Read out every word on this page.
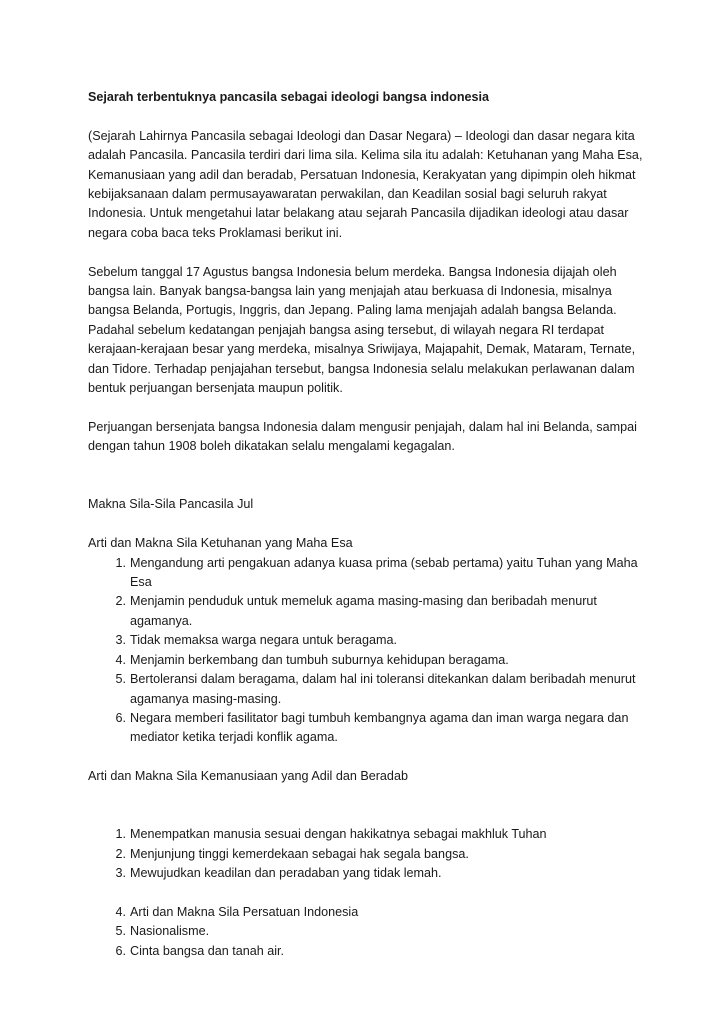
Sejarah terbentuknya pancasila sebagai ideologi bangsa indonesia

(Sejarah Lahirnya Pancasila sebagai Ideologi dan Dasar Negara) – Ideologi dan dasar negara kita adalah Pancasila. Pancasila terdiri dari lima sila. Kelima sila itu adalah: Ketuhanan yang Maha Esa, Kemanusiaan yang adil dan beradab, Persatuan Indonesia, Kerakyatan yang dipimpin oleh hikmat kebijaksanaan dalam permusayawaratan perwakilan, dan Keadilan sosial bagi seluruh rakyat Indonesia. Untuk mengetahui latar belakang atau sejarah Pancasila dijadikan ideologi atau dasar negara coba baca teks Proklamasi berikut ini.

Sebelum tanggal 17 Agustus bangsa Indonesia belum merdeka. Bangsa Indonesia dijajah oleh bangsa lain. Banyak bangsa-bangsa lain yang menjajah atau berkuasa di Indonesia, misalnya bangsa Belanda, Portugis, Inggris, dan Jepang. Paling lama menjajah adalah bangsa Belanda. Padahal sebelum kedatangan penjajah bangsa asing tersebut, di wilayah negara RI terdapat kerajaan-kerajaan besar yang merdeka, misalnya Sriwijaya, Majapahit, Demak, Mataram, Ternate, dan Tidore. Terhadap penjajahan tersebut, bangsa Indonesia selalu melakukan perlawanan dalam bentuk perjuangan bersenjata maupun politik.

Perjuangan bersenjata bangsa Indonesia dalam mengusir penjajah, dalam hal ini Belanda, sampai dengan tahun 1908 boleh dikatakan selalu mengalami kegagalan.

Makna Sila-Sila Pancasila Jul

Arti dan Makna Sila Ketuhanan yang Maha Esa
1. Mengandung arti pengakuan adanya kuasa prima (sebab pertama) yaitu Tuhan yang Maha Esa
2. Menjamin penduduk untuk memeluk agama masing-masing dan beribadah menurut agamanya.
3. Tidak memaksa warga negara untuk beragama.
4. Menjamin berkembang dan tumbuh suburnya kehidupan beragama.
5. Bertoleransi dalam beragama, dalam hal ini toleransi ditekankan dalam beribadah menurut agamanya masing-masing.
6. Negara memberi fasilitator bagi tumbuh kembangnya agama dan iman warga negara dan mediator ketika terjadi konflik agama.
Arti dan Makna Sila Kemanusiaan yang Adil dan Beradab
1. Menempatkan manusia sesuai dengan hakikatnya sebagai makhluk Tuhan
2. Menjunjung tinggi kemerdekaan sebagai hak segala bangsa.
3. Mewujudkan keadilan dan peradaban yang tidak lemah.
4. Arti dan Makna Sila Persatuan Indonesia
5. Nasionalisme.
6. Cinta bangsa dan tanah air.
